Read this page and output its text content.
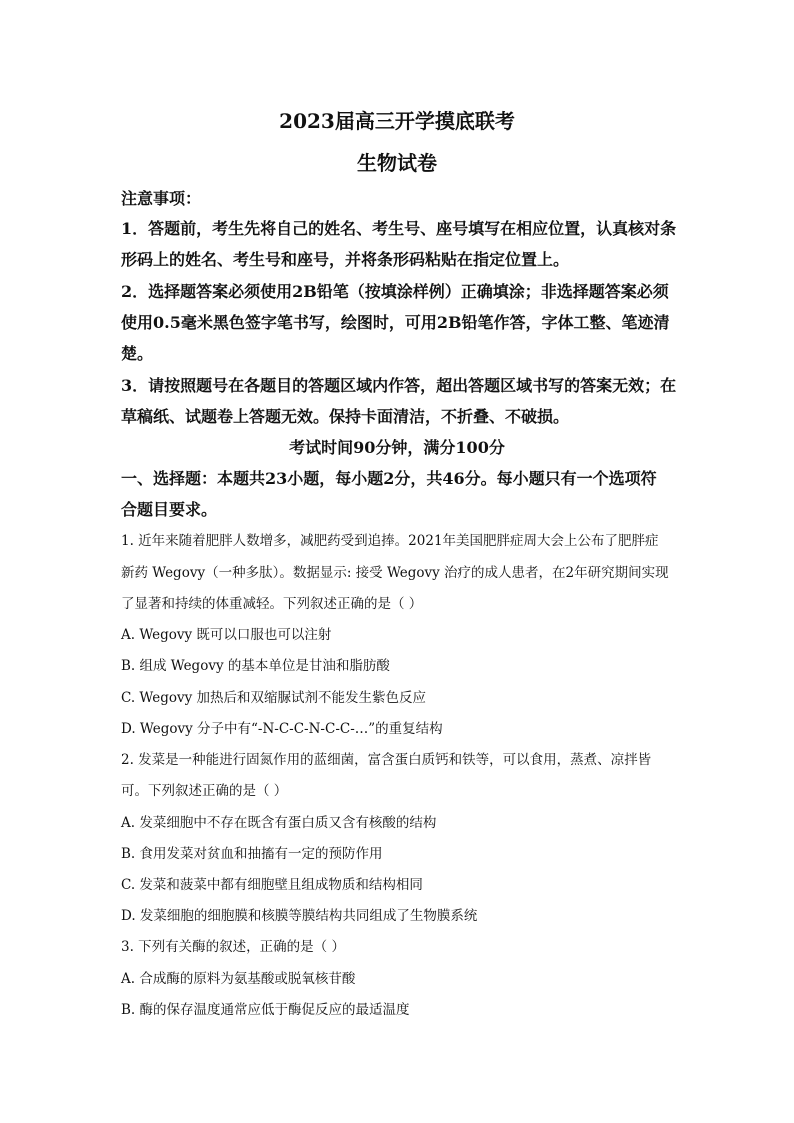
2023届高三开学摸底联考
生物试卷
注意事项：
1．答题前，考生先将自己的姓名、考生号、座号填写在相应位置，认真核对条
形码上的姓名、考生号和座号，并将条形码粘贴在指定位置上。
2．选择题答案必须使用2B铅笔（按填涂样例）正确填涂；非选择题答案必须
使用0.5毫米黑色签字笔书写，绘图时，可用2B铅笔作答，字体工整、笔迹清
楚。
3．请按照题号在各题目的答题区域内作答，超出答题区域书写的答案无效；在
草稿纸、试题卷上答题无效。保持卡面清洁，不折叠、不破损。
考试时间90分钟，满分100分
一、选择题：本题共23小题，每小题2分，共46分。每小题只有一个选项符
合题目要求。
1. 近年来随着肥胖人数增多，减肥药受到追捧。2021年美国肥胖症周大会上公布了肥胖症
新药 Wegovy（一种多肽）。数据显示: 接受 Wegovy 治疗的成人患者，在2年研究期间实现
了显著和持续的体重减轻。下列叙述正确的是（ ）
A. Wegovy 既可以口服也可以注射
B. 组成 Wegovy 的基本单位是甘油和脂肪酸
C. Wegovy 加热后和双缩脲试剂不能发生紫色反应
D. Wegovy 分子中有“-N-C-C-N-C-C-…”的重复结构
2. 发菜是一种能进行固氮作用的蓝细菌，富含蛋白质钙和铁等，可以食用，蒸煮、凉拌皆
可。下列叙述正确的是（ ）
A. 发菜细胞中不存在既含有蛋白质又含有核酸的结构
B. 食用发菜对贫血和抽搐有一定的预防作用
C. 发菜和菠菜中都有细胞壁且组成物质和结构相同
D. 发菜细胞的细胞膜和核膜等膜结构共同组成了生物膜系统
3. 下列有关酶的叙述，正确的是（ ）
A. 合成酶的原料为氨基酸或脱氧核苷酸
B. 酶的保存温度通常应低于酶促反应的最适温度
